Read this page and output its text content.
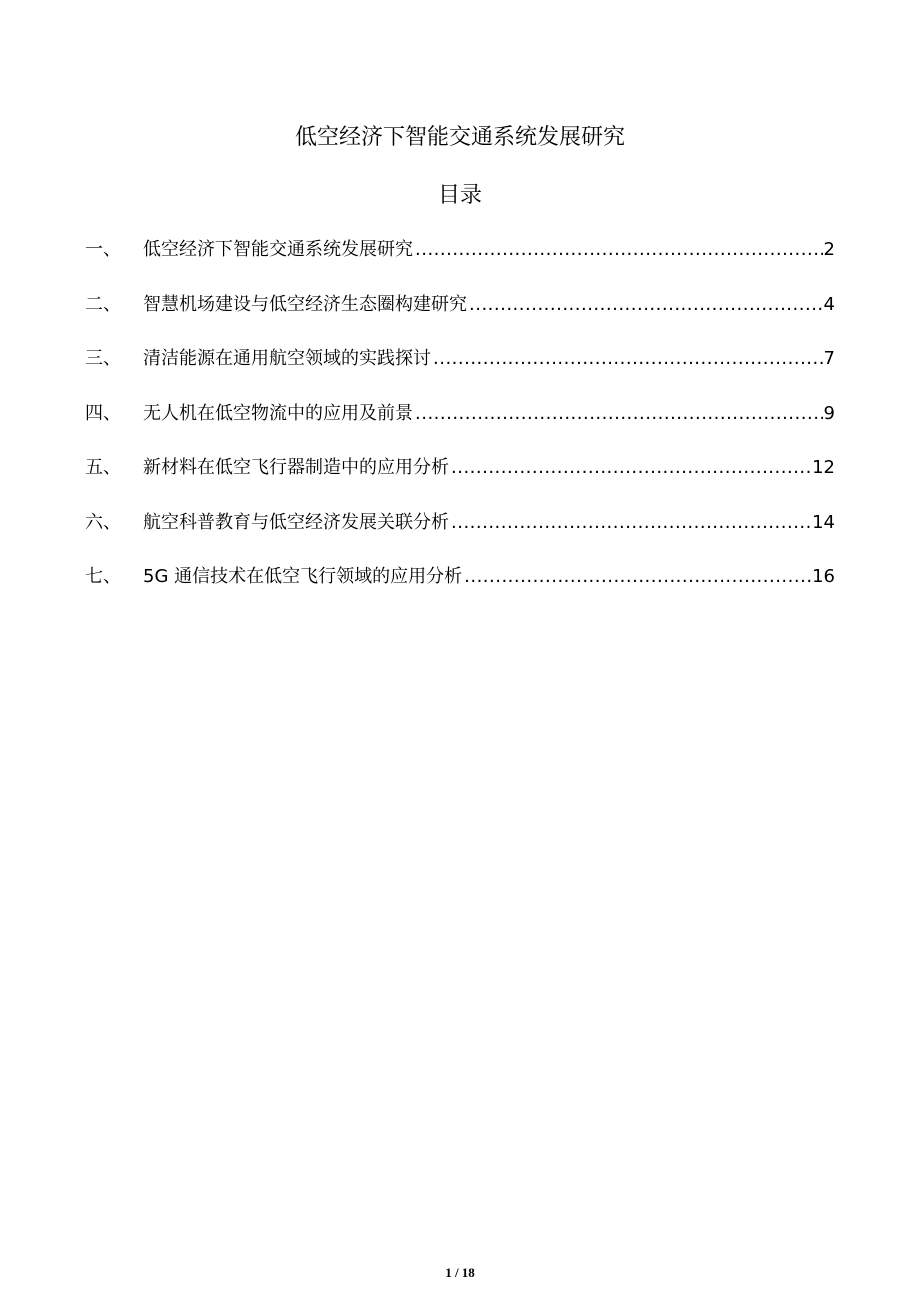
低空经济下智能交通系统发展研究
目录
一、	低空经济下智能交通系统发展研究 .....	2
二、	智慧机场建设与低空经济生态圈构建研究 .....	4
三、	清洁能源在通用航空领域的实践探讨 .....	7
四、	无人机在低空物流中的应用及前景 .....	9
五、	新材料在低空飞行器制造中的应用分析 .....	12
六、	航空科普教育与低空经济发展关联分析 .....	14
七、	5G 通信技术在低空飞行领域的应用分析 .....	16
1 / 18
